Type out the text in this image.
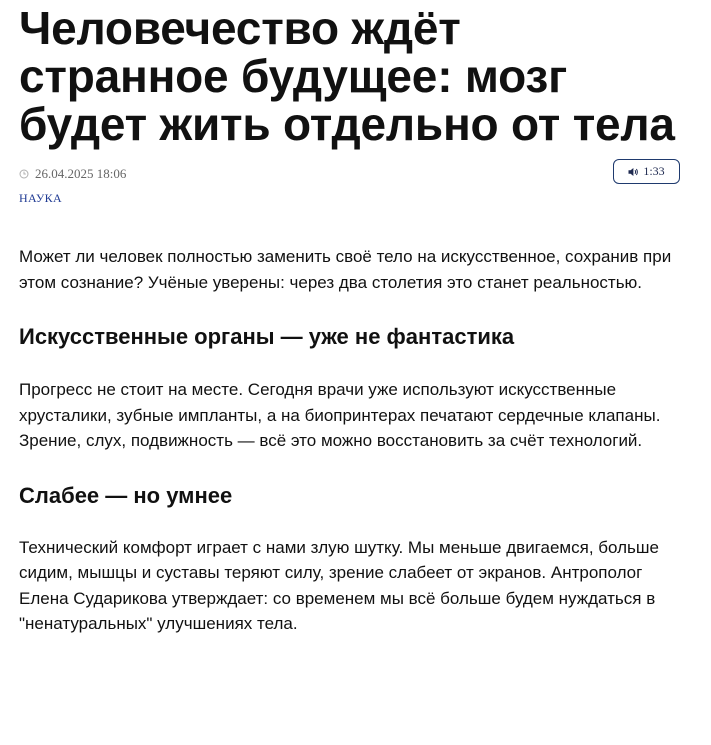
Человечество ждёт странное будущее: мозг будет жить отдельно от тела
26.04.2025 18:06
НАУКА
1:33

Может ли человек полностью заменить своё тело на искусственное, сохранив при этом сознание? Учёные уверены: через два столетия это станет реальностью.

Искусственные органы — уже не фантастика

Прогресс не стоит на месте. Сегодня врачи уже используют искусственные хрусталики, зубные импланты, а на биопринтерах печатают сердечные клапаны. Зрение, слух, подвижность — всё это можно восстановить за счёт технологий.

Слабее — но умнее

Технический комфорт играет с нами злую шутку. Мы меньше двигаемся, больше сидим, мышцы и суставы теряют силу, зрение слабеет от экранов. Антрополог Елена Сударикова утверждает: со временем мы всё больше будем нуждаться в "ненатуральных" улучшениях тела.
